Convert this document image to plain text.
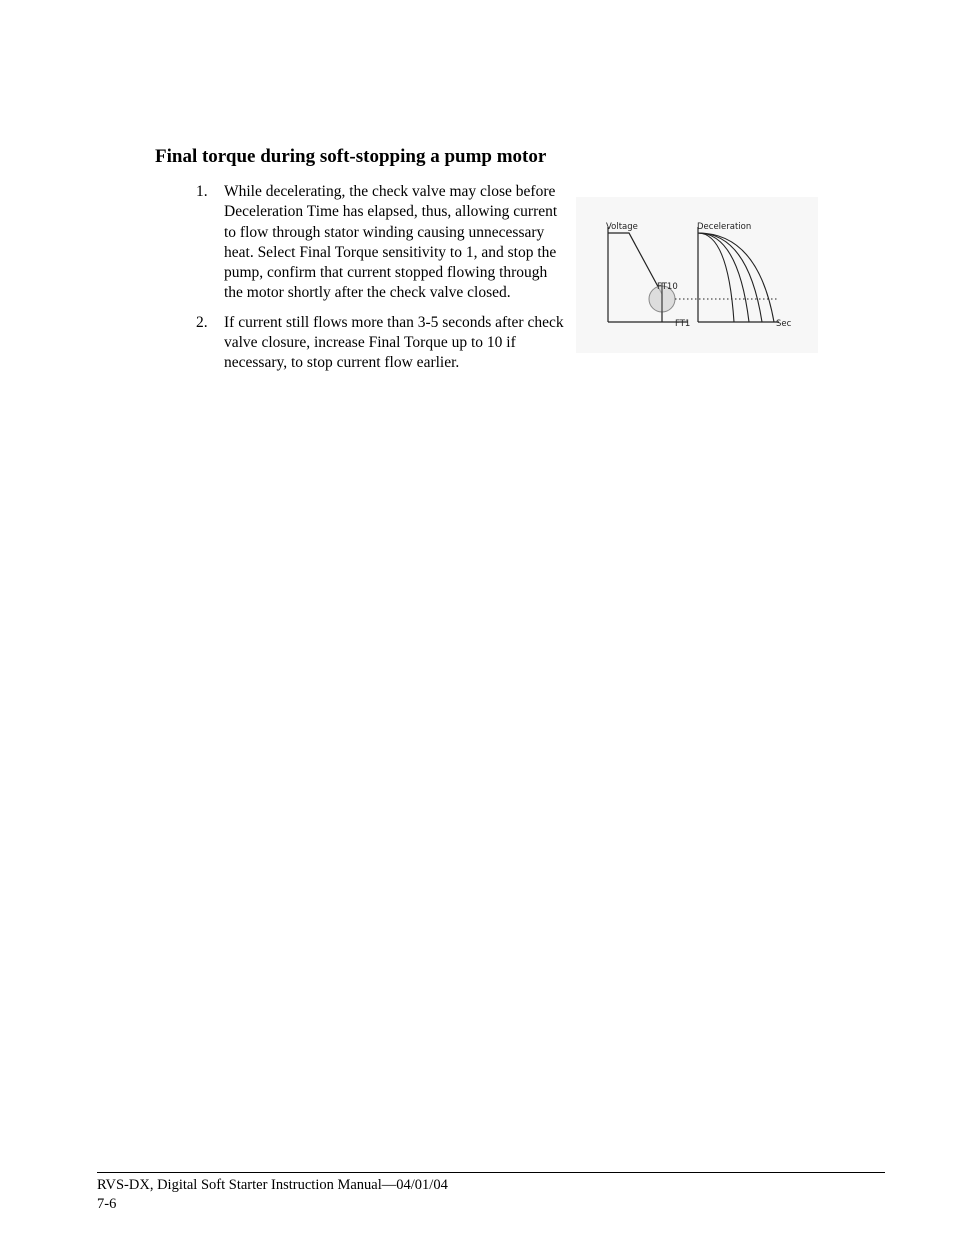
Final torque during soft-stopping a pump motor
1. While decelerating, the check valve may close before Deceleration Time has elapsed, thus, allowing current to flow through stator winding causing unnecessary heat. Select Final Torque sensitivity to 1, and stop the pump, confirm that current stopped flowing through the motor shortly after the check valve closed.
2. If current still flows more than 3-5 seconds after check valve closure, increase Final Torque up to 10 if necessary, to stop current flow earlier.
Voltage
FT10
FT1
Deceleration
Sec
RVS-DX, Digital Soft Starter Instruction Manual—04/01/04
7-6
